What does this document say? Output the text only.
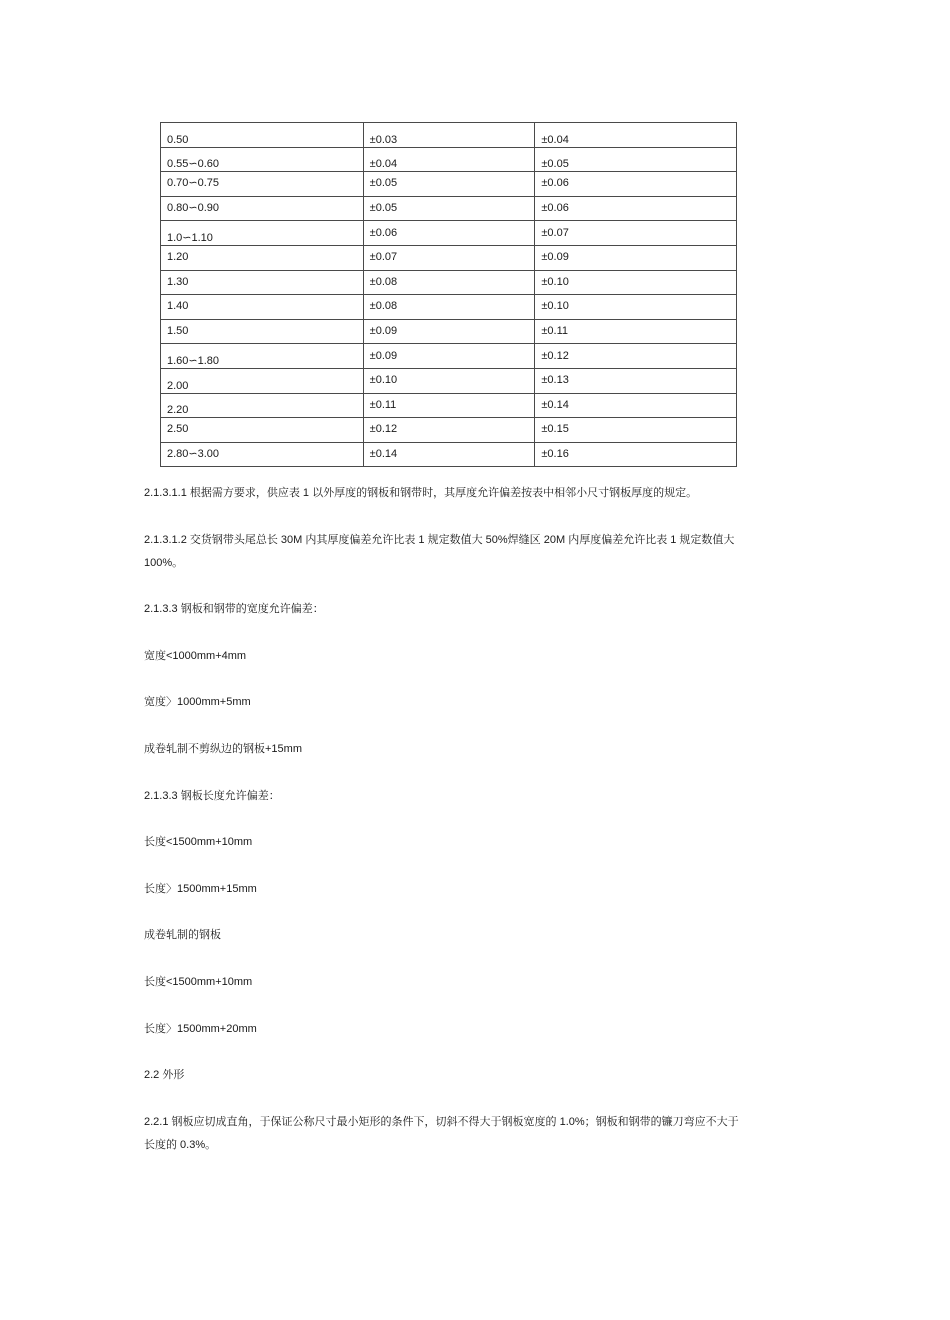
0.50	±0.03	±0.04
0.55∽0.60	±0.04	±0.05
0.70∽0.75	±0.05	±0.06
0.80∽0.90	±0.05	±0.06
1.0∽1.10	±0.06	±0.07
1.20	±0.07	±0.09
1.30	±0.08	±0.10
1.40	±0.08	±0.10
1.50	±0.09	±0.11
1.60∽1.80	±0.09	±0.12
2.00	±0.10	±0.13
2.20	±0.11	±0.14
2.50	±0.12	±0.15
2.80∽3.00	±0.14	±0.16

2.1.3.1.1 根据需方要求，供应表 1 以外厚度的钢板和钢带时，其厚度允许偏差按表中相邻小尺寸钢板厚度的规定。

2.1.3.1.2 交货钢带头尾总长 30M 内其厚度偏差允许比表 1 规定数值大 50%焊缝区 20M 内厚度偏差允许比表 1 规定数值大 100%。

2.1.3.3 钢板和钢带的宽度允许偏差：

宽度<1000mm+4mm

宽度〉1000mm+5mm

成卷轧制不剪纵边的钢板+15mm

2.1.3.3 钢板长度允许偏差：

长度<1500mm+10mm

长度〉1500mm+15mm

成卷轧制的钢板

长度<1500mm+10mm

长度〉1500mm+20mm

2.2 外形

2.2.1 钢板应切成直角，于保证公称尺寸最小矩形的条件下，切斜不得大于钢板宽度的 1.0%；钢板和钢带的镰刀弯应不大于长度的 0.3%。
